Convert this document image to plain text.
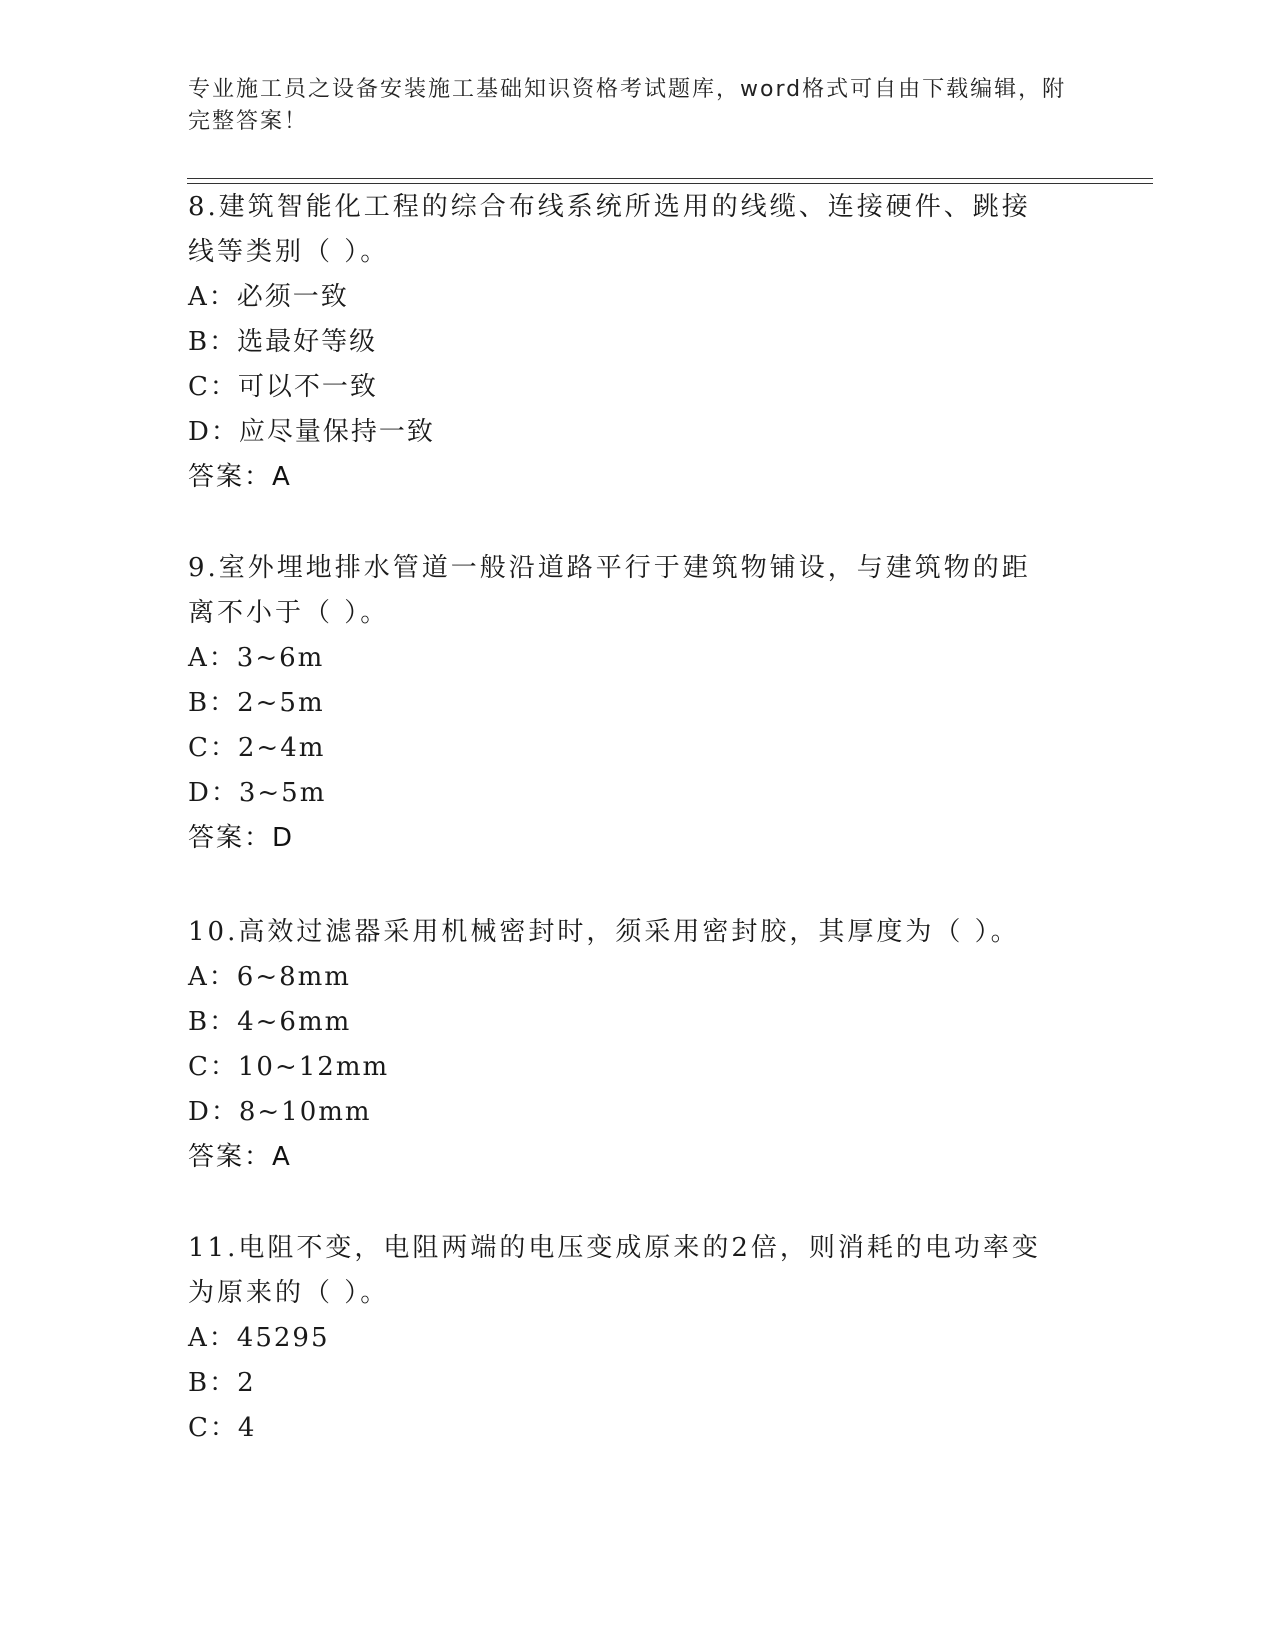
专业施工员之设备安装施工基础知识资格考试题库，word格式可自由下载编辑，附完整答案！
8.建筑智能化工程的综合布线系统所选用的线缆、连接硬件、跳接线等类别（ ）。
A：必须一致
B：选最好等级
C：可以不一致
D：应尽量保持一致
答案：A
9.室外埋地排水管道一般沿道路平行于建筑物铺设，与建筑物的距离不小于（ ）。
A：3~6m
B：2~5m
C：2~4m
D：3~5m
答案：D
10.高效过滤器采用机械密封时，须采用密封胶，其厚度为（ ）。
A：6~8mm
B：4~6mm
C：10~12mm
D：8~10mm
答案：A
11.电阻不变，电阻两端的电压变成原来的2倍，则消耗的电功率变为原来的（ ）。
A：45295
B：2
C：4
